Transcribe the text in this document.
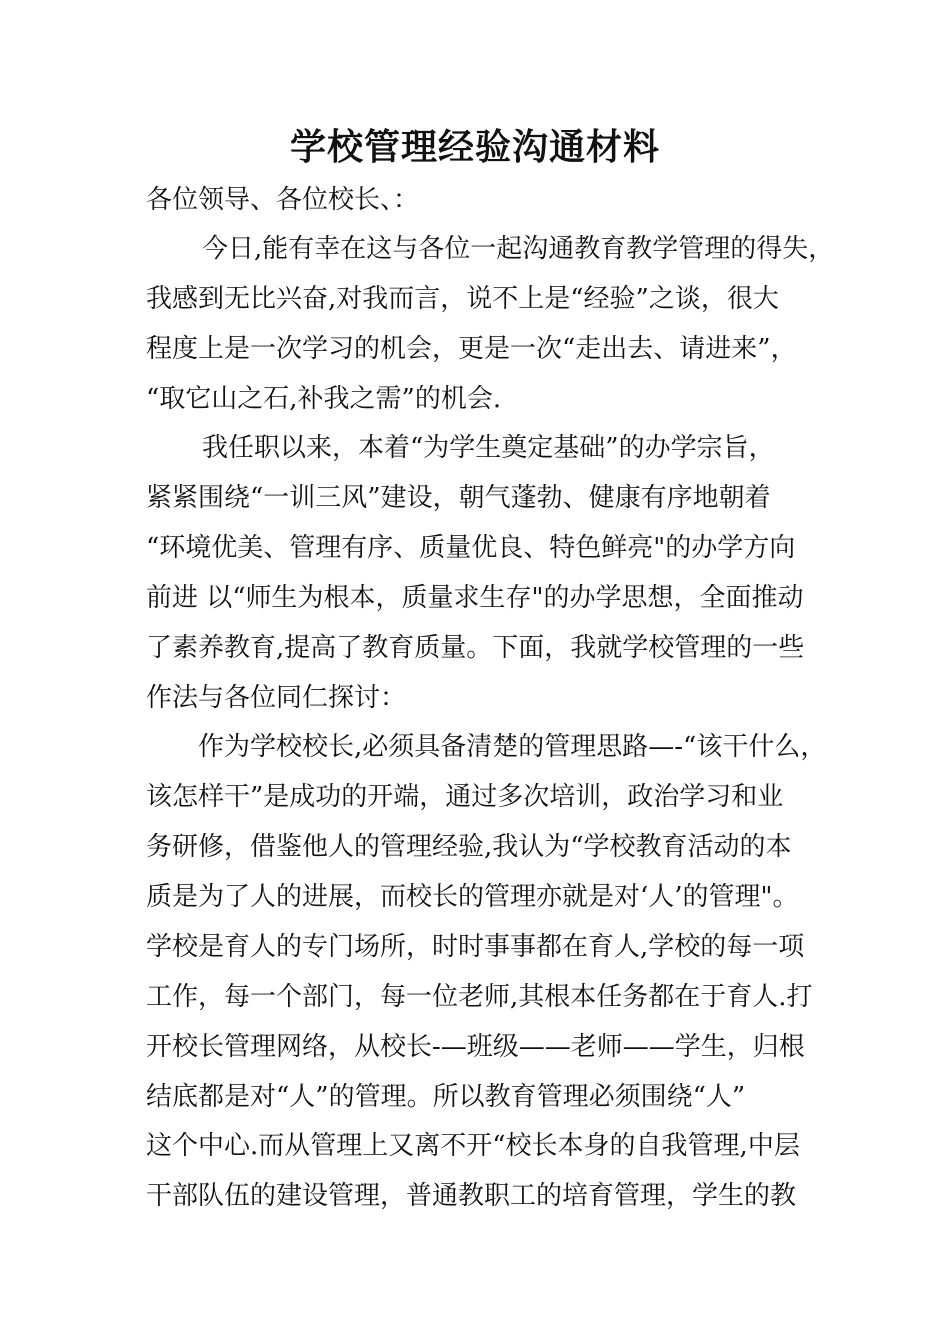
学校管理经验沟通材料

各位领导、各位校长、：

　今日,能有幸在这与各位一起沟通教育教学管理的得失，

我感到无比兴奋,对我而言，说不上是“经验”之谈，很大

程度上是一次学习的机会，更是一次“走出去、请进来”，

“取它山之石,补我之需”的机会.

　我任职以来，本着“为学生奠定基础”的办学宗旨，

紧紧围绕“一训三风”建设，朝气蓬勃、健康有序地朝着

“环境优美、管理有序、质量优良、特色鲜亮"的办学方向

前进 以“师生为根本，质量求生存"的办学思想，全面推动

了素养教育,提高了教育质量。下面，我就学校管理的一些

作法与各位同仁探讨：

　作为学校校长,必须具备清楚的管理思路—-“该干什么，

该怎样干”是成功的开端，通过多次培训，政治学习和业

务研修，借鉴他人的管理经验,我认为“学校教育活动的本

质是为了人的进展，而校长的管理亦就是对‘人’的管理"。

学校是育人的专门场所，时时事事都在育人,学校的每一项

工作，每一个部门，每一位老师,其根本任务都在于育人.打

开校长管理网络，从校长-—班级——老师——学生，归根

结底都是对“人”的管理。所以教育管理必须围绕“人”

这个中心.而从管理上又离不开“校长本身的自我管理,中层

干部队伍的建设管理，普通教职工的培育管理，学生的教
